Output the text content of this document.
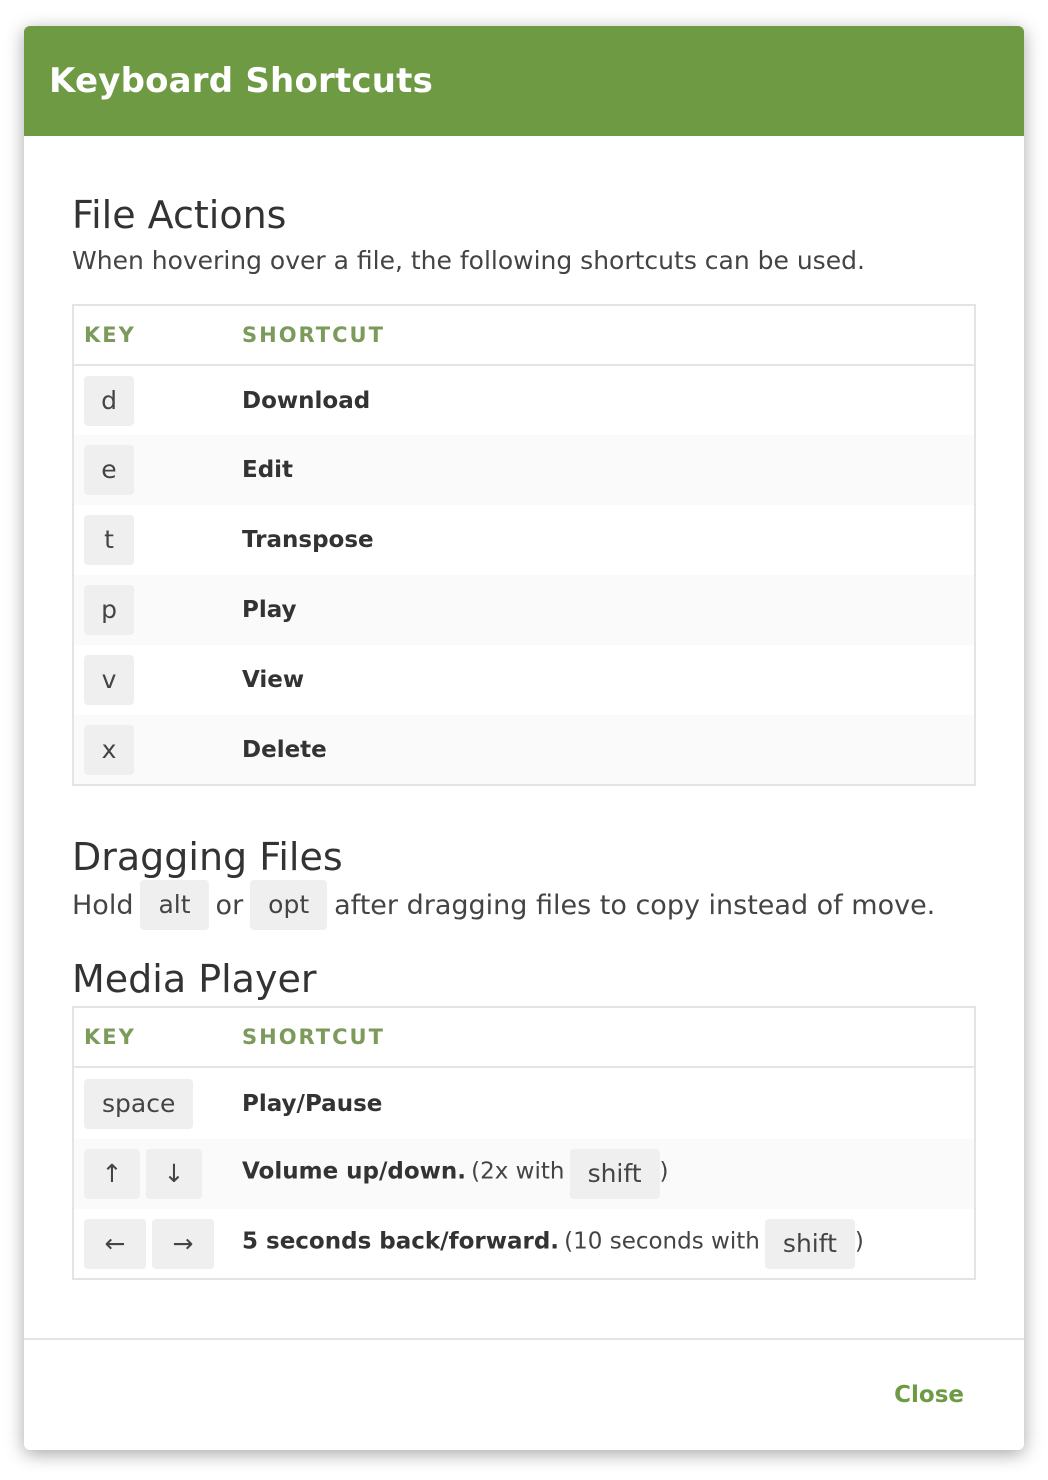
Keyboard Shortcuts
File Actions

When hovering over a file, the following shortcuts can be used.

KEY	SHORTCUT
d	Download
e	Edit
t	Transpose
p	Play
v	View
x	Delete
Dragging Files

Hold	alt or	opt after dragging files to copy instead of move.

Media Player
KEY	SHORTCUT
space	Play/Pause
↑ ↓	Volume up/down. (2x with shift )
← →	5 seconds back/forward. (10 seconds with shift )
Close
